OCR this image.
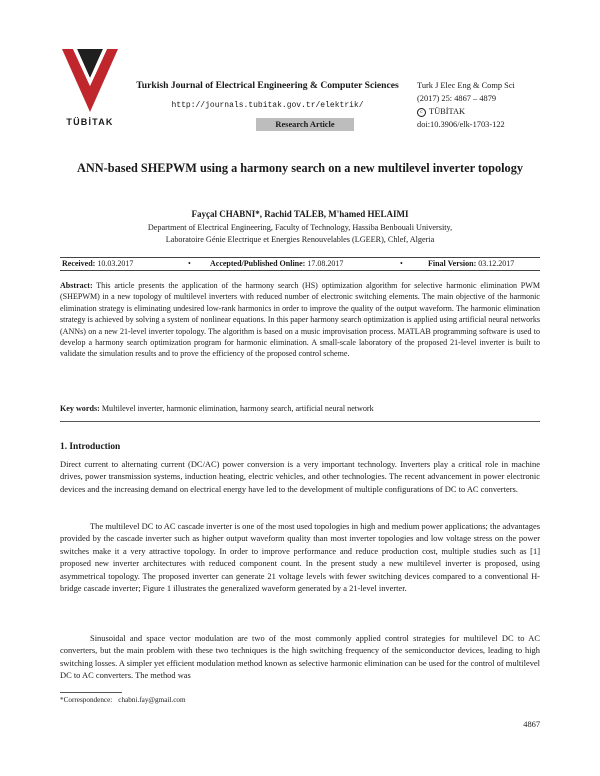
TÜBİTAK
Turkish Journal of Electrical Engineering & Computer Sciences
http://journals.tubitak.gov.tr/elektrik/
Research Article
Turk J Elec Eng & Comp Sci
(2017) 25: 4867 – 4879
c TÜBİTAK
doi:10.3906/elk-1703-122
ANN-based SHEPWM using a harmony search on a new multilevel inverter topology
Fayçal CHABNI*, Rachid TALEB, M'hamed HELAIMI
Department of Electrical Engineering, Faculty of Technology, Hassiba Benbouali University,
Laboratoire Génie Electrique et Energies Renouvelables (LGEER), Chlef, Algeria
Received: 10.03.2017	• Accepted/Published Online: 17.08.2017	•	Final Version: 03.12.2017
Abstract: This article presents the application of the harmony search (HS) optimization algorithm for selective harmonic elimination PWM (SHEPWM) in a new topology of multilevel inverters with reduced number of electronic switching elements. The main objective of the harmonic elimination strategy is eliminating undesired low-rank harmonics in order to improve the quality of the output waveform. The harmonic elimination strategy is achieved by solving a system of nonlinear equations. In this paper harmony search optimization is applied using artificial neural networks (ANNs) on a new 21-level inverter topology. The algorithm is based on a music improvisation process. MATLAB programming software is used to develop a harmony search optimization program for harmonic elimination. A small-scale laboratory of the proposed 21-level inverter is built to validate the simulation results and to prove the efficiency of the proposed control scheme.
Key words: Multilevel inverter, harmonic elimination, harmony search, artificial neural network
1. Introduction
Direct current to alternating current (DC/AC) power conversion is a very important technology. Inverters play a critical role in machine drives, power transmission systems, induction heating, electric vehicles, and other technologies. The recent advancement in power electronic devices and the increasing demand on electrical energy have led to the development of multiple configurations of DC to AC converters.
The multilevel DC to AC cascade inverter is one of the most used topologies in high and medium power applications; the advantages provided by the cascade inverter such as higher output waveform quality than most inverter topologies and low voltage stress on the power switches make it a very attractive topology. In order to improve performance and reduce production cost, multiple studies such as [1] proposed new inverter architectures with reduced component count. In the present study a new multilevel inverter is proposed, using asymmetrical topology. The proposed inverter can generate 21 voltage levels with fewer switching devices compared to a conventional H-bridge cascade inverter; Figure 1 illustrates the generalized waveform generated by a 21-level inverter.
Sinusoidal and space vector modulation are two of the most commonly applied control strategies for multilevel DC to AC converters, but the main problem with these two techniques is the high switching frequency of the semiconductor devices, leading to high switching losses. A simpler yet efficient modulation method known as selective harmonic elimination can be used for the control of multilevel DC to AC converters. The method was
*Correspondence: chabni.fay@gmail.com
4867
